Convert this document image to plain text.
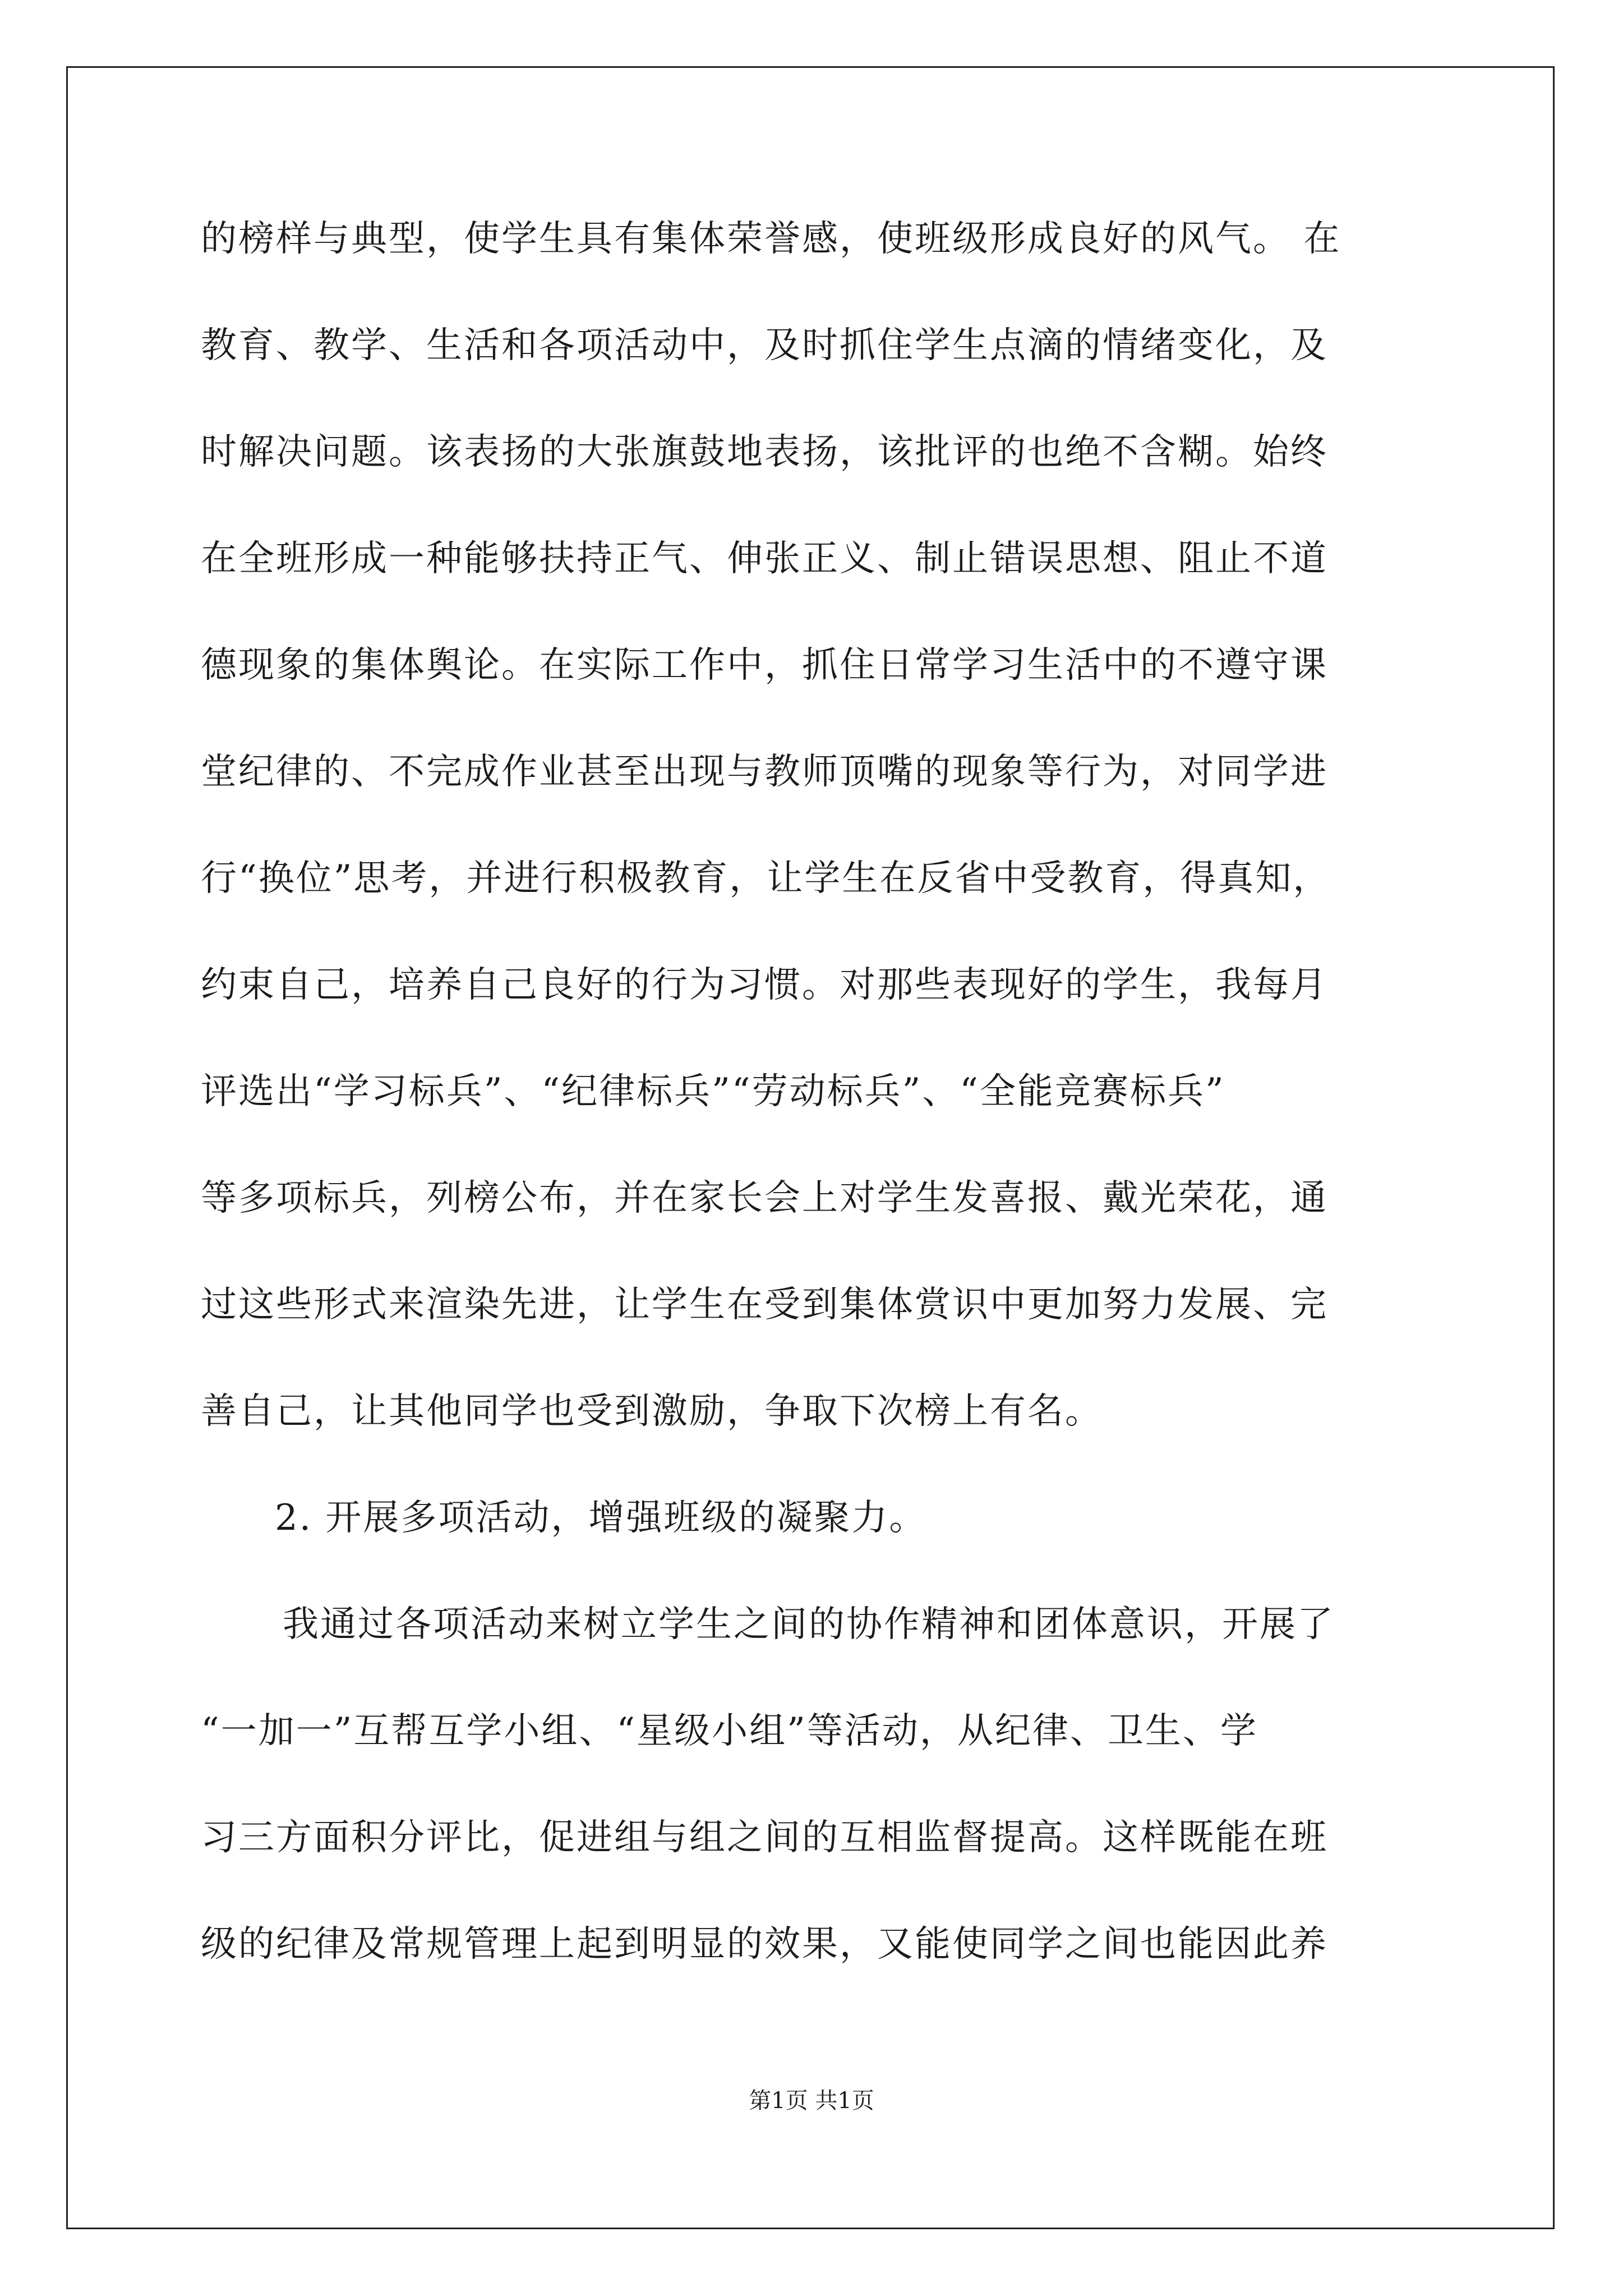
的榜样与典型，使学生具有集体荣誉感，使班级形成良好的风气。 在
教育、教学、生活和各项活动中，及时抓住学生点滴的情绪变化，及
时解决问题。该表扬的大张旗鼓地表扬，该批评的也绝不含糊。始终
在全班形成一种能够扶持正气、伸张正义、制止错误思想、阻止不道
德现象的集体舆论。在实际工作中，抓住日常学习生活中的不遵守课
堂纪律的、不完成作业甚至出现与教师顶嘴的现象等行为，对同学进
行“换位”思考，并进行积极教育，让学生在反省中受教育，得真知，
约束自己，培养自己良好的行为习惯。对那些表现好的学生，我每月
评选出“学习标兵”、“纪律标兵”“劳动标兵”、“全能竞赛标兵”
等多项标兵，列榜公布，并在家长会上对学生发喜报、戴光荣花，通
过这些形式来渲染先进，让学生在受到集体赏识中更加努力发展、完
善自己，让其他同学也受到激励，争取下次榜上有名。
2. 开展多项活动，增强班级的凝聚力。
我通过各项活动来树立学生之间的协作精神和团体意识，开展了
“一加一”互帮互学小组、“星级小组”等活动，从纪律、卫生、学
习三方面积分评比，促进组与组之间的互相监督提高。这样既能在班
级的纪律及常规管理上起到明显的效果，又能使同学之间也能因此养
第1页 共1页
